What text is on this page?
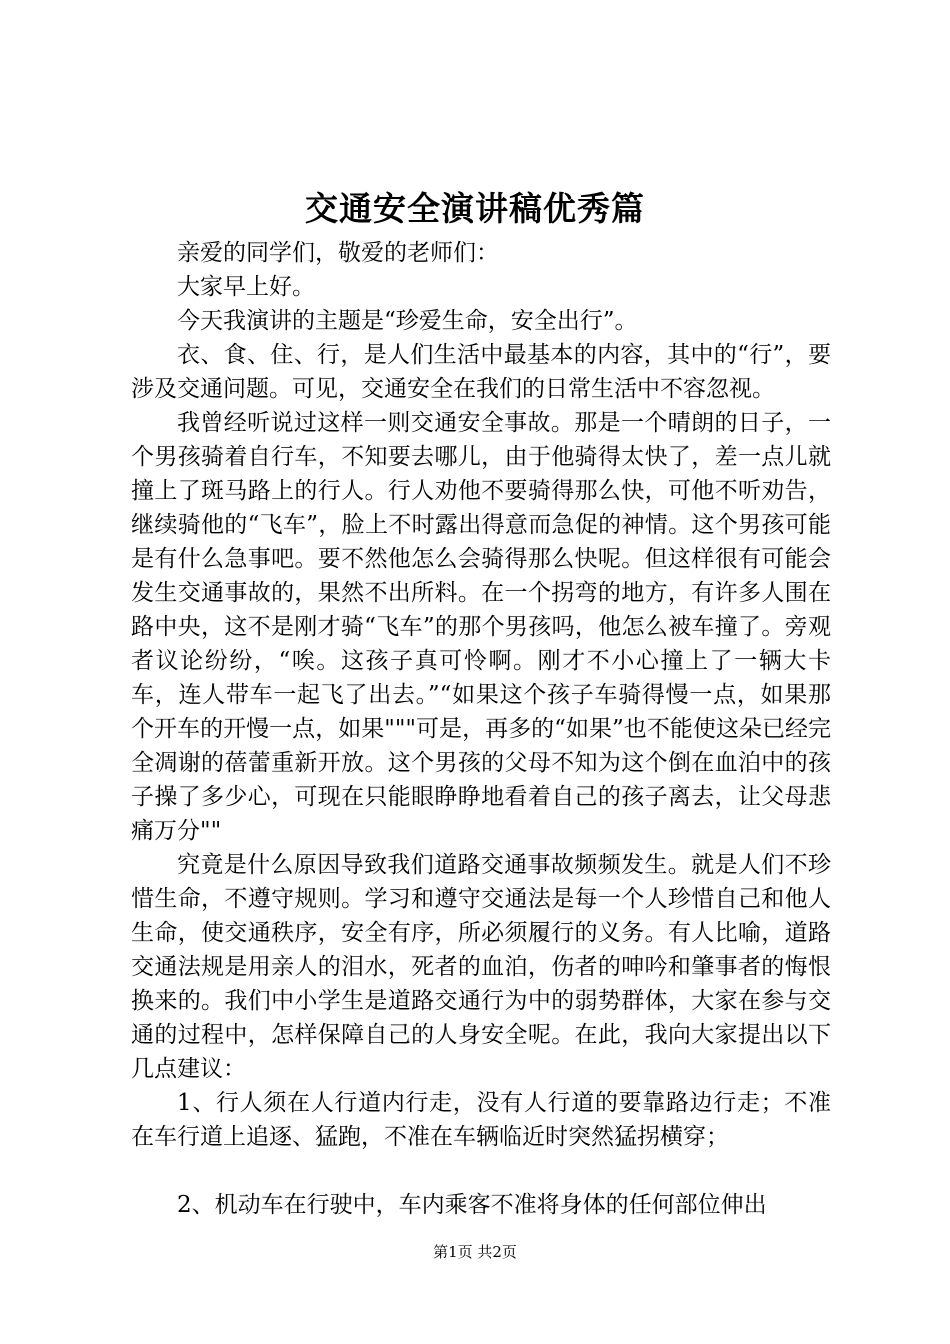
交通安全演讲稿优秀篇

亲爱的同学们，敬爱的老师们：

大家早上好。

今天我演讲的主题是“珍爱生命，安全出行”。

衣、食、住、行，是人们生活中最基本的内容，其中的“行”，要涉及交通问题。可见，交通安全在我们的日常生活中不容忽视。

我曾经听说过这样一则交通安全事故。那是一个晴朗的日子，一个男孩骑着自行车，不知要去哪儿，由于他骑得太快了，差一点儿就撞上了斑马路上的行人。行人劝他不要骑得那么快，可他不听劝告，继续骑他的“飞车”，脸上不时露出得意而急促的神情。这个男孩可能是有什么急事吧。要不然他怎么会骑得那么快呢。但这样很有可能会发生交通事故的，果然不出所料。在一个拐弯的地方，有许多人围在路中央，这不是刚才骑“飞车”的那个男孩吗，他怎么被车撞了。旁观者议论纷纷，“唉。这孩子真可怜啊。刚才不小心撞上了一辆大卡车，连人带车一起飞了出去。”“如果这个孩子车骑得慢一点，如果那个开车的开慢一点，如果"""可是，再多的“如果”也不能使这朵已经完全凋谢的蓓蕾重新开放。这个男孩的父母不知为这个倒在血泊中的孩子操了多少心，可现在只能眼睁睁地看着自己的孩子离去，让父母悲痛万分""

究竟是什么原因导致我们道路交通事故频频发生。就是人们不珍惜生命，不遵守规则。学习和遵守交通法是每一个人珍惜自己和他人生命，使交通秩序，安全有序，所必须履行的义务。有人比喻，道路交通法规是用亲人的泪水，死者的血泊，伤者的呻吟和肇事者的悔恨换来的。我们中小学生是道路交通行为中的弱势群体，大家在参与交通的过程中，怎样保障自己的人身安全呢。在此，我向大家提出以下几点建议：

1、行人须在人行道内行走，没有人行道的要靠路边行走；不准在车行道上追逐、猛跑，不准在车辆临近时突然猛拐横穿；

2、机动车在行驶中，车内乘客不准将身体的任何部位伸出

第1页 共2页
